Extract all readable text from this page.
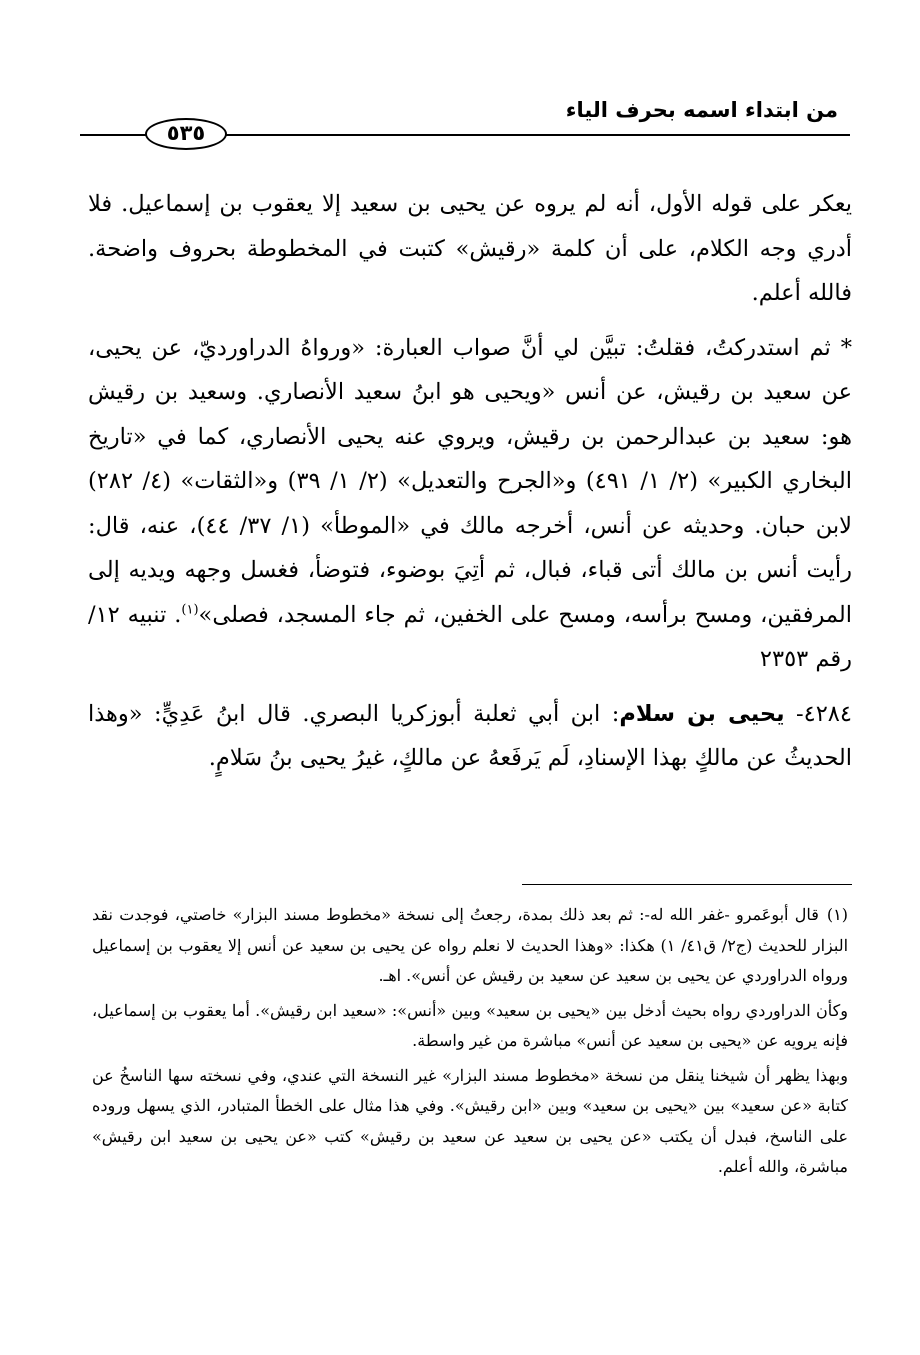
من ابتداء اسمه بحرف الياء
٥٣٥

يعكر على قوله الأول، أنه لم يروه عن يحيى بن سعيد إلا يعقوب بن إسماعيل. فلا أدري وجه الكلام، على أن كلمة «رقيش» كتبت في المخطوطة بحروف واضحة. فالله أعلم.

* ثم استدركتُ، فقلتُ: تبيَّن لي أنَّ صواب العبارة: «ورواهُ الدراورديّ، عن يحيى، عن سعيد بن رقيش، عن أنس «ويحيى هو ابنُ سعيد الأنصاري. وسعيد بن رقيش هو: سعيد بن عبدالرحمن بن رقيش، ويروي عنه يحيى الأنصاري، كما في «تاريخ البخاري الكبير» (٢/ ١/ ٤٩١) و«الجرح والتعديل» (٢/ ١/ ٣٩) و«الثقات» (٤/ ٢٨٢) لابن حبان. وحديثه عن أنس، أخرجه مالك في «الموطأ» (١/ ٣٧/ ٤٤)، عنه، قال: رأيت أنس بن مالك أتى قباء، فبال، ثم أتِيَ بوضوء، فتوضأ، فغسل وجهه ويديه إلى المرفقين، ومسح برأسه، ومسح على الخفين، ثم جاء المسجد، فصلى»$^{(١)}$. تنبيه ١٢/ رقم ٢٣٥٣

٤٢٨٤- يحيى بن سلام: ابن أبي ثعلبة أبوزكريا البصري. قال ابنُ عَدِيٍّ: «وهذا الحديثُ عن مالكٍ بهذا الإسنادِ، لَم يَرفَعهُ عن مالكٍ، غيرُ يحيى بنُ سَلامٍ.

(١)قال أبوعَمرو -غفر الله له-: ثم بعد ذلك بمدة، رجعتُ إلى نسخة «مخطوط مسند البزار» خاصتي، فوجدت نقد البزار للحديث (ج٢/ ق٤١/ ١) هكذا: «وهذا الحديث لا نعلم رواه عن يحيى بن سعيد عن أنس إلا يعقوب بن إسماعيل ورواه الدراوردي عن يحيى بن سعيد عن سعيد بن رقيش عن أنس». اهـ.

وكأن الدراوردي رواه بحيث أدخل بين «يحيى بن سعيد» وبين «أنس»: «سعيد ابن رقيش». أما يعقوب بن إسماعيل، فإنه يرويه عن «يحيى بن سعيد عن أنس» مباشرة من غير واسطة.

وبهذا يظهر أن شيخنا ينقل من نسخة «مخطوط مسند البزار» غير النسخة التي عندي، وفي نسخته سها الناسخُ عن كتابة «عن سعيد» بين «يحيى بن سعيد» وبين «ابن رقيش». وفي هذا مثال على الخطأ المتبادر، الذي يسهل وروده على الناسخ، فبدل أن يكتب «عن يحيى بن سعيد عن سعيد بن رقيش» كتب «عن يحيى بن سعيد ابن رقيش» مباشرة، والله أعلم.
